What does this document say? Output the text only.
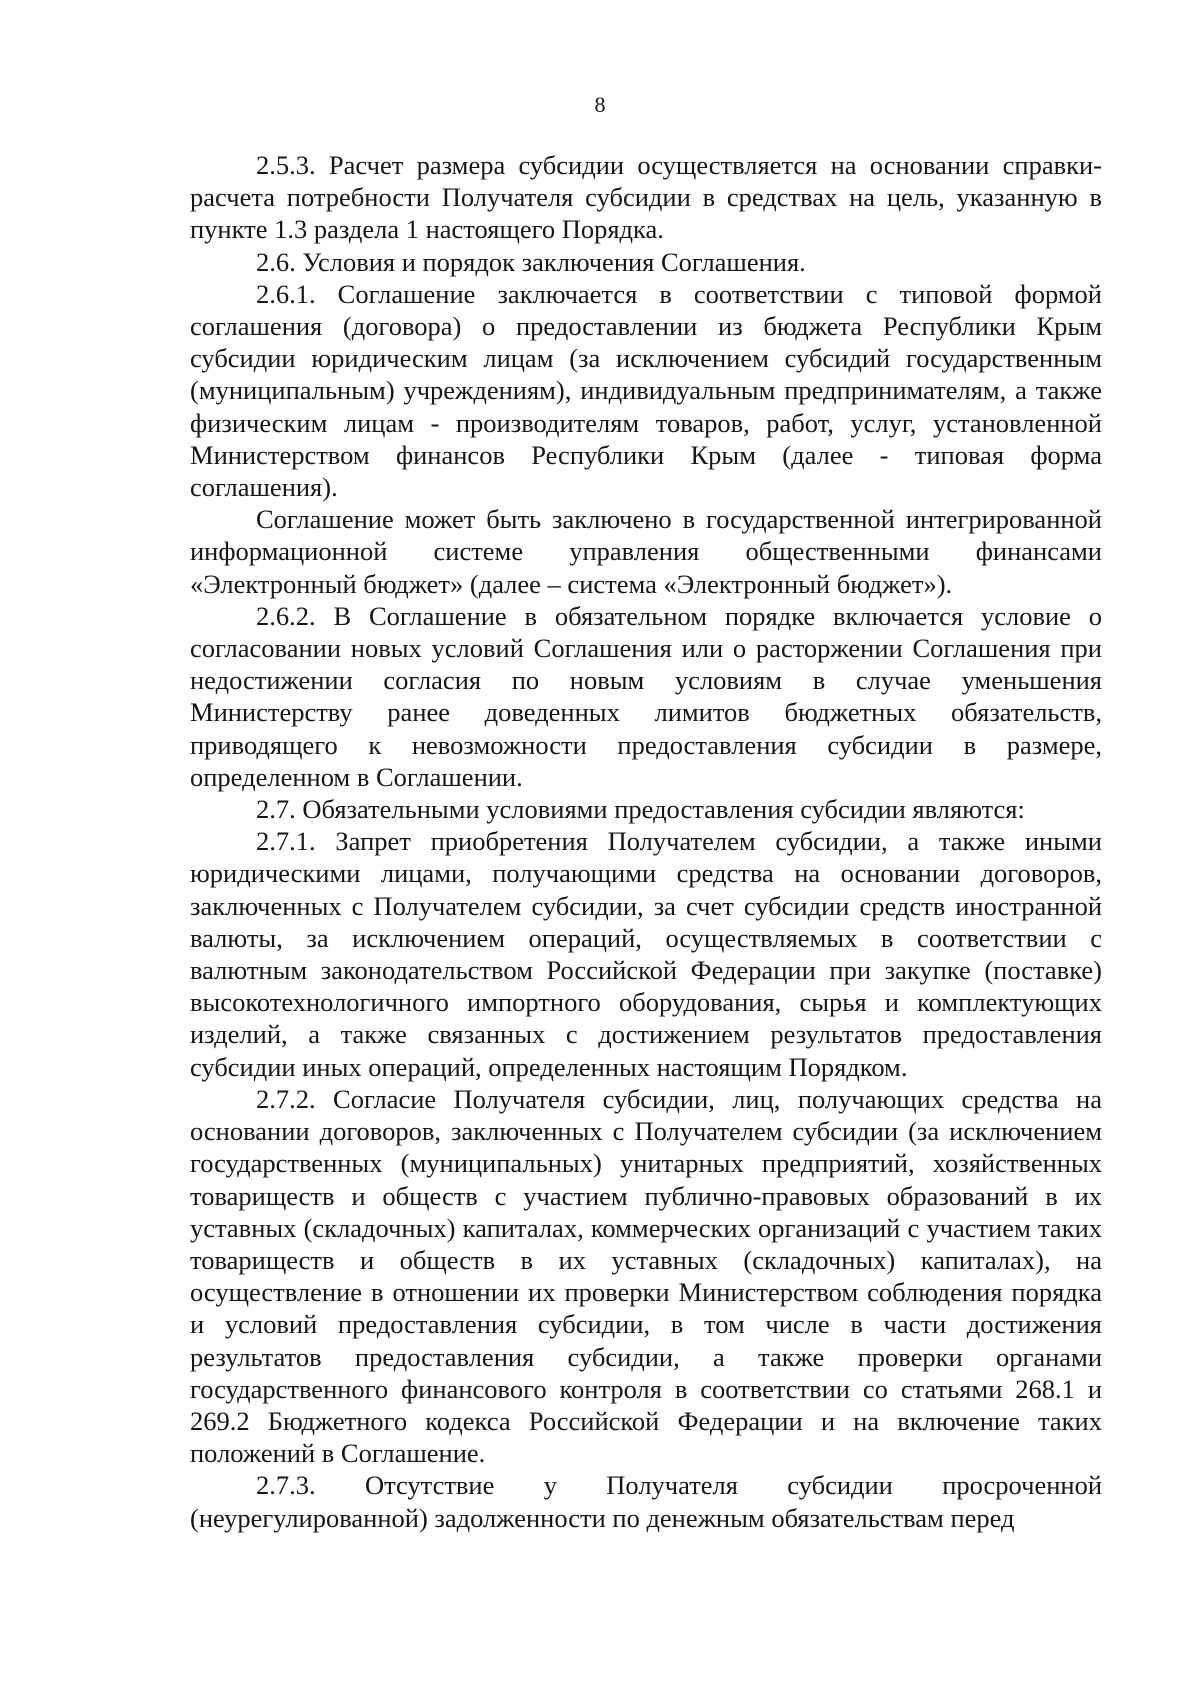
8

2.5.3. Расчет размера субсидии осуществляется на основании справки-расчета потребности Получателя субсидии в средствах на цель, указанную в пункте 1.3 раздела 1 настоящего Порядка.

2.6. Условия и порядок заключения Соглашения.

2.6.1. Соглашение заключается в соответствии с типовой формой соглашения (договора) о предоставлении из бюджета Республики Крым субсидии юридическим лицам (за исключением субсидий государственным (муниципальным) учреждениям), индивидуальным предпринимателям, а также физическим лицам - производителям товаров, работ, услуг, установленной Министерством финансов Республики Крым (далее - типовая форма соглашения).

Соглашение может быть заключено в государственной интегрированной информационной системе управления общественными финансами «Электронный бюджет» (далее – система «Электронный бюджет»).

2.6.2. В Соглашение в обязательном порядке включается условие о согласовании новых условий Соглашения или о расторжении Соглашения при недостижении согласия по новым условиям в случае уменьшения Министерству ранее доведенных лимитов бюджетных обязательств, приводящего к невозможности предоставления субсидии в размере, определенном в Соглашении.

2.7. Обязательными условиями предоставления субсидии являются:

2.7.1. Запрет приобретения Получателем субсидии, а также иными юридическими лицами, получающими средства на основании договоров, заключенных с Получателем субсидии, за счет субсидии средств иностранной валюты, за исключением операций, осуществляемых в соответствии с валютным законодательством Российской Федерации при закупке (поставке) высокотехнологичного импортного оборудования, сырья и комплектующих изделий, а также связанных с достижением результатов предоставления субсидии иных операций, определенных настоящим Порядком.

2.7.2. Согласие Получателя субсидии, лиц, получающих средства на основании договоров, заключенных с Получателем субсидии (за исключением государственных (муниципальных) унитарных предприятий, хозяйственных товариществ и обществ с участием публично-правовых образований в их уставных (складочных) капиталах, коммерческих организаций с участием таких товариществ и обществ в их уставных (складочных) капиталах), на осуществление в отношении их проверки Министерством соблюдения порядка и условий предоставления субсидии, в том числе в части достижения результатов предоставления субсидии, а также проверки органами государственного финансового контроля в соответствии со статьями 268.1 и 269.2 Бюджетного кодекса Российской Федерации и на включение таких положений в Соглашение.

2.7.3. Отсутствие у Получателя субсидии просроченной (неурегулированной) задолженности по денежным обязательствам перед
